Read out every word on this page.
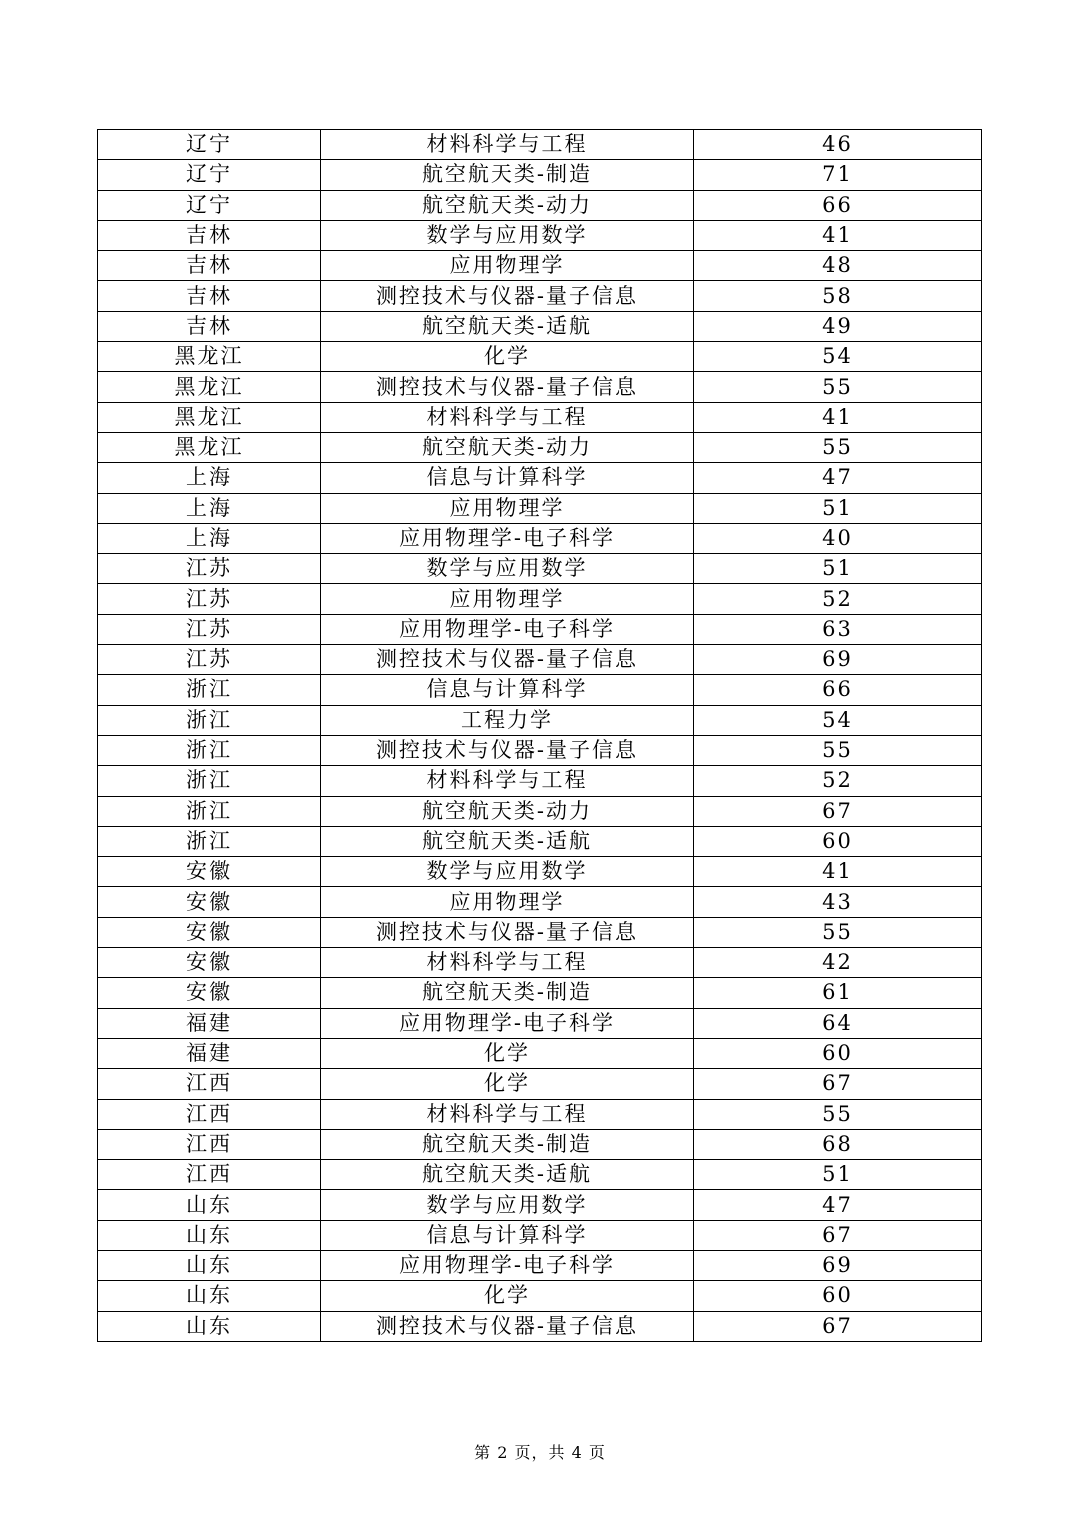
辽宁	材料科学与工程	46
辽宁	航空航天类-制造	71
辽宁	航空航天类-动力	66
吉林	数学与应用数学	41
吉林	应用物理学	48
吉林	测控技术与仪器-量子信息	58
吉林	航空航天类-适航	49
黑龙江	化学	54
黑龙江	测控技术与仪器-量子信息	55
黑龙江	材料科学与工程	41
黑龙江	航空航天类-动力	55
上海	信息与计算科学	47
上海	应用物理学	51
上海	应用物理学-电子科学	40
江苏	数学与应用数学	51
江苏	应用物理学	52
江苏	应用物理学-电子科学	63
江苏	测控技术与仪器-量子信息	69
浙江	信息与计算科学	66
浙江	工程力学	54
浙江	测控技术与仪器-量子信息	55
浙江	材料科学与工程	52
浙江	航空航天类-动力	67
浙江	航空航天类-适航	60
安徽	数学与应用数学	41
安徽	应用物理学	43
安徽	测控技术与仪器-量子信息	55
安徽	材料科学与工程	42
安徽	航空航天类-制造	61
福建	应用物理学-电子科学	64
福建	化学	60
江西	化学	67
江西	材料科学与工程	55
江西	航空航天类-制造	68
江西	航空航天类-适航	51
山东	数学与应用数学	47
山东	信息与计算科学	67
山东	应用物理学-电子科学	69
山东	化学	60
山东	测控技术与仪器-量子信息	67
第 2 页，共 4 页
